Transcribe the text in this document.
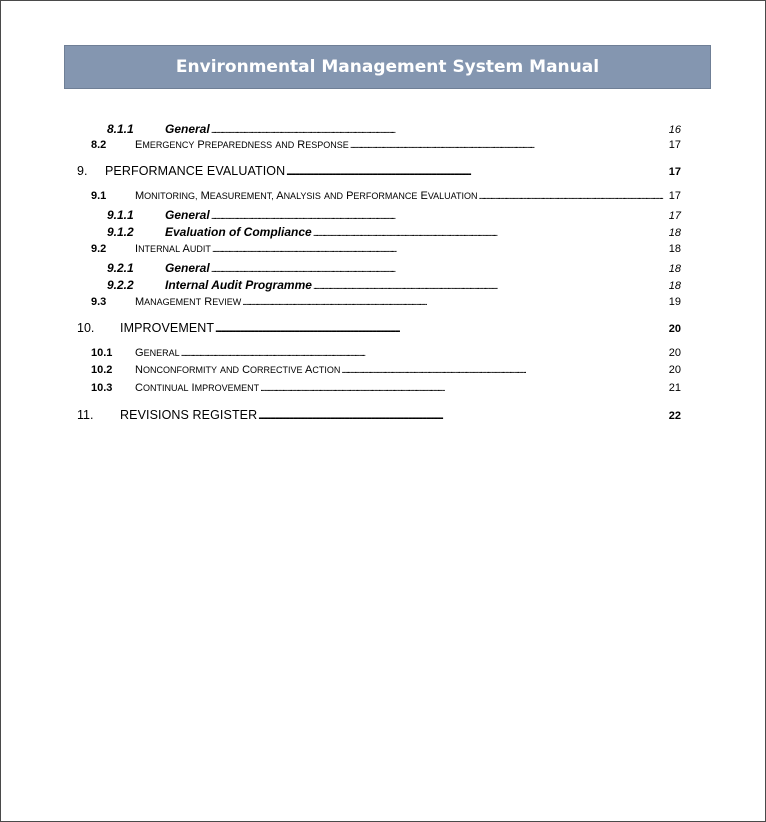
Environmental Management System Manual
8.1.1	General . . .	16
8.2	EMERGENCY PREPAREDNESS AND RESPONSE . . .	17
9.	PERFORMANCE EVALUATION . . .	17
9.1	MONITORING, MEASUREMENT, ANALYSIS AND PERFORMANCE EVALUATION . . .	17
9.1.1	General . . .	17
9.1.2	Evaluation of Compliance . . .	18
9.2	INTERNAL AUDIT . . .	18
9.2.1	General . . .	18
9.2.2	Internal Audit Programme . . .	18
9.3	MANAGEMENT REVIEW . . .	19
10.	IMPROVEMENT . . .	20
10.1	GENERAL . . .	20
10.2	NONCONFORMITY AND CORRECTIVE ACTION . . .	20
10.3	CONTINUAL IMPROVEMENT . . .	21
11.	REVISIONS REGISTER . . .	22
